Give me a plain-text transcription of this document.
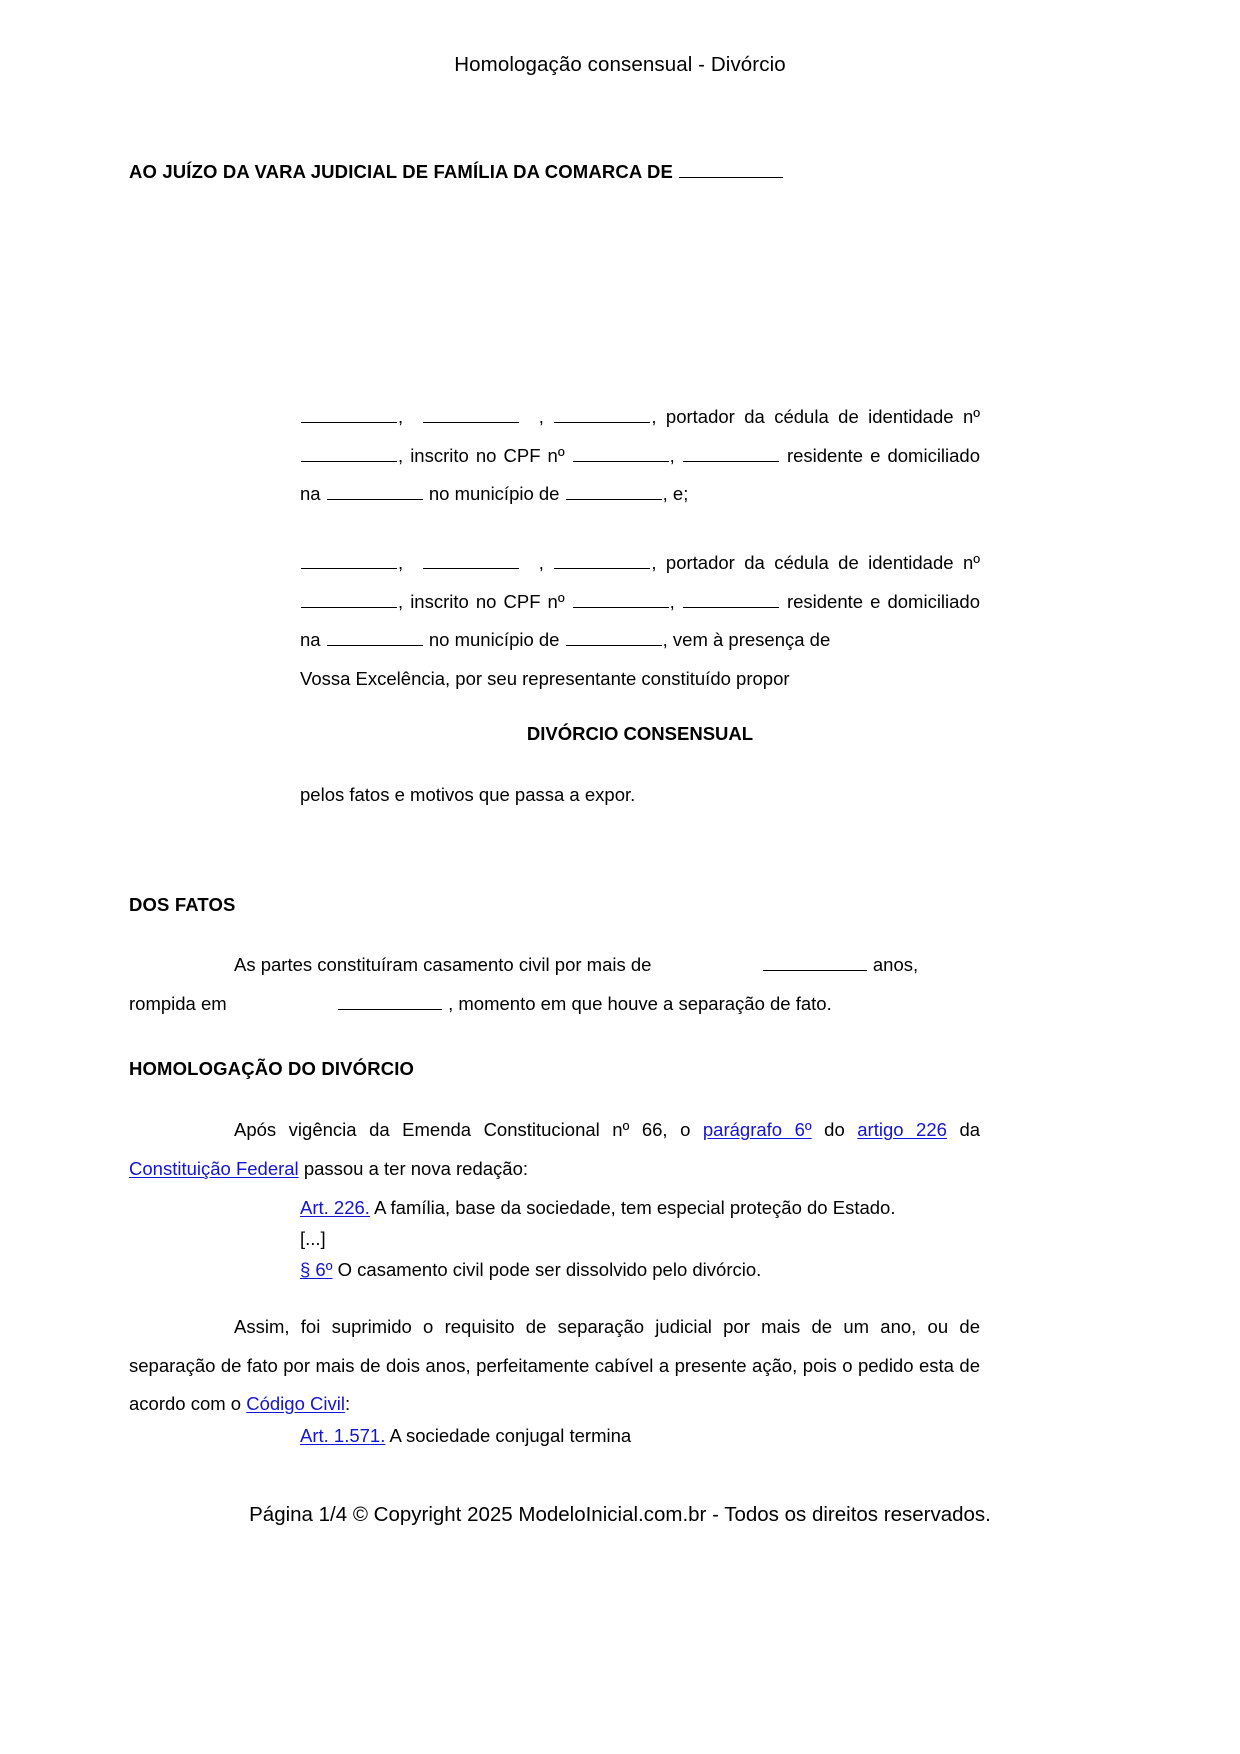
Homologação consensual - Divórcio
AO JUÍZO DA VARA JUDICIAL DE FAMÍLIA DA COMARCA DE

,	,	, portador da cédula de identidade nº , inscrito no CPF nº	,	residente e domiciliado na	no município de	, e;

,	,	, portador da cédula de identidade nº , inscrito no CPF nº	,	residente e domiciliado na	no município de	, vem à presença de

Vossa Excelência, por seu representante constituído propor

DIVÓRCIO CONSENSUAL

pelos fatos e motivos que passa a expor.

DOS FATOS

As partes constituíram casamento civil por mais de	anos,

rompida em	, momento em que houve a separação de fato.

HOMOLOGAÇÃO DO DIVÓRCIO

Após vigência da Emenda Constitucional nº 66, o parágrafo 6º do artigo 226 da Constituição Federal passou a ter nova redação:

Art. 226. A família, base da sociedade, tem especial proteção do Estado.
[...]
§ 6º O casamento civil pode ser dissolvido pelo divórcio.

Assim, foi suprimido o requisito de separação judicial por mais de um ano, ou de separação de fato por mais de dois anos, perfeitamente cabível a presente ação, pois o pedido esta de acordo com o Código Civil:

Art. 1.571. A sociedade conjugal termina
Página 1/4 © Copyright 2025 ModeloInicial.com.br - Todos os direitos reservados.
